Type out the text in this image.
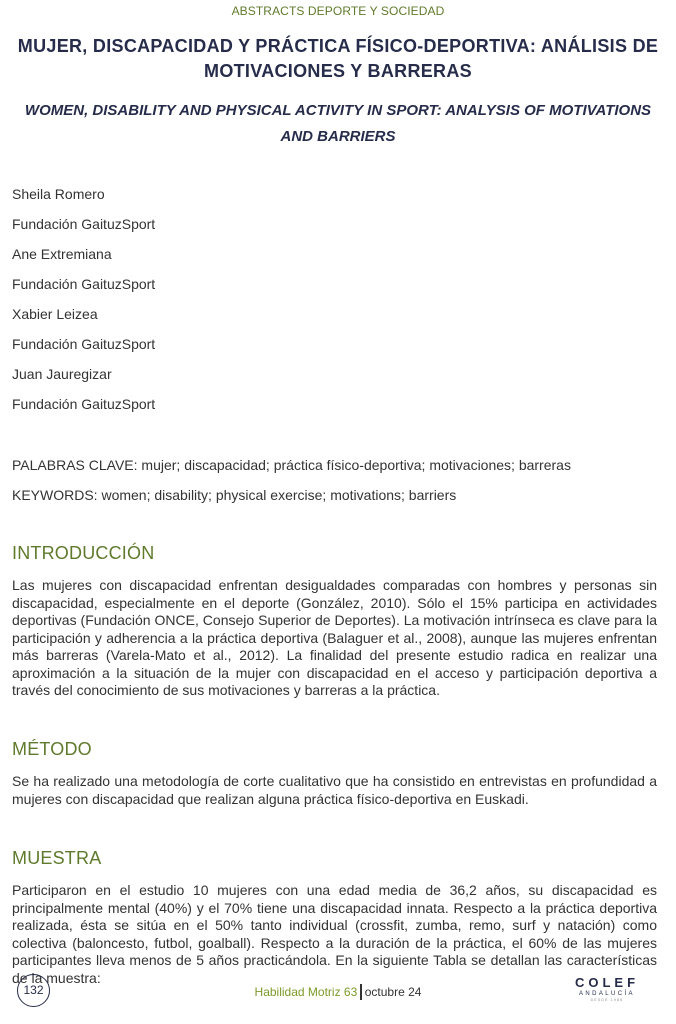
ABSTRACTS DEPORTE Y SOCIEDAD
MUJER, DISCAPACIDAD Y PRÁCTICA FÍSICO-DEPORTIVA: ANÁLISIS DE MOTIVACIONES Y BARRERAS
WOMEN, DISABILITY AND PHYSICAL ACTIVITY IN SPORT: ANALYSIS OF MOTIVATIONS AND BARRIERS
Sheila Romero
Fundación GaituzSport
Ane Extremiana
Fundación GaituzSport
Xabier Leizea
Fundación GaituzSport
Juan Jauregizar
Fundación GaituzSport
PALABRAS CLAVE: mujer; discapacidad; práctica físico-deportiva; motivaciones; barreras
KEYWORDS: women; disability; physical exercise; motivations; barriers
INTRODUCCIÓN
Las mujeres con discapacidad enfrentan desigualdades comparadas con hombres y personas sin discapacidad, especialmente en el deporte (González, 2010). Sólo el 15% participa en actividades deportivas (Fundación ONCE, Consejo Superior de Deportes). La motivación intrínseca es clave para la participación y adherencia a la práctica deportiva (Balaguer et al., 2008), aunque las mujeres enfrentan más barreras (Varela-Mato et al., 2012). La finalidad del presente estudio radica en realizar una aproximación a la situación de la mujer con discapacidad en el acceso y participación deportiva a través del conocimiento de sus motivaciones y barreras a la práctica.
MÉTODO
Se ha realizado una metodología de corte cualitativo que ha consistido en entrevistas en profundidad a mujeres con discapacidad que realizan alguna práctica físico-deportiva en Euskadi.
MUESTRA
Participaron en el estudio 10 mujeres con una edad media de 36,2 años, su discapacidad es principalmente mental (40%) y el 70% tiene una discapacidad innata. Respecto a la práctica deportiva realizada, ésta se sitúa en el 50% tanto individual (crossfit, zumba, remo, surf y natación) como colectiva (baloncesto, futbol, goalball). Respecto a la duración de la práctica, el 60% de las mujeres participantes lleva menos de 5 años practicándola. En la siguiente Tabla se detallan las características de la muestra:
132	Habilidad Motriz 63 octubre 24
COLEF
ANDALUCÍA
DESDE 1986
